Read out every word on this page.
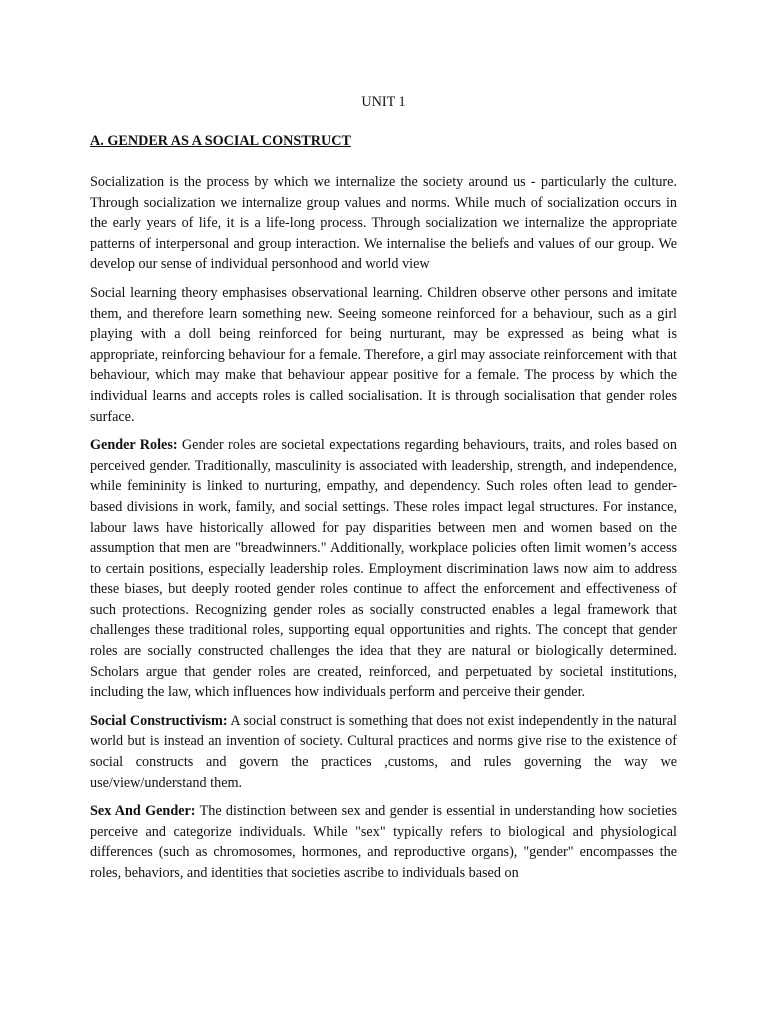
UNIT 1
A. GENDER AS A SOCIAL CONSTRUCT

Socialization is the process by which we internalize the society around us - particularly the culture. Through socialization we internalize group values and norms. While much of socialization occurs in the early years of life, it is a life-long process. Through socialization we internalize the appropriate patterns of interpersonal and group interaction. We internalise the beliefs and values of our group. We develop our sense of individual personhood and world view

Social learning theory emphasises observational learning. Children observe other persons and imitate them, and therefore learn something new. Seeing someone reinforced for a behaviour, such as a girl playing with a doll being reinforced for being nurturant, may be expressed as being what is appropriate, reinforcing behaviour for a female. Therefore, a girl may associate reinforcement with that behaviour, which may make that behaviour appear positive for a female. The process by which the individual learns and accepts roles is called socialisation. It is through socialisation that gender roles surface.

Gender Roles: Gender roles are societal expectations regarding behaviours, traits, and roles based on perceived gender. Traditionally, masculinity is associated with leadership, strength, and independence, while femininity is linked to nurturing, empathy, and dependency. Such roles often lead to gender-based divisions in work, family, and social settings. These roles impact legal structures. For instance, labour laws have historically allowed for pay disparities between men and women based on the assumption that men are "breadwinners." Additionally, workplace policies often limit women’s access to certain positions, especially leadership roles. Employment discrimination laws now aim to address these biases, but deeply rooted gender roles continue to affect the enforcement and effectiveness of such protections. Recognizing gender roles as socially constructed enables a legal framework that challenges these traditional roles, supporting equal opportunities and rights. The concept that gender roles are socially constructed challenges the idea that they are natural or biologically determined. Scholars argue that gender roles are created, reinforced, and perpetuated by societal institutions, including the law, which influences how individuals perform and perceive their gender.

Social Constructivism: A social construct is something that does not exist independently in the natural world but is instead an invention of society. Cultural practices and norms give rise to the existence of social constructs and govern the practices ,customs, and rules governing the way we use/view/understand them.

Sex And Gender: The distinction between sex and gender is essential in understanding how societies perceive and categorize individuals. While "sex" typically refers to biological and physiological differences (such as chromosomes, hormones, and reproductive organs), "gender" encompasses the roles, behaviors, and identities that societies ascribe to individuals based on
